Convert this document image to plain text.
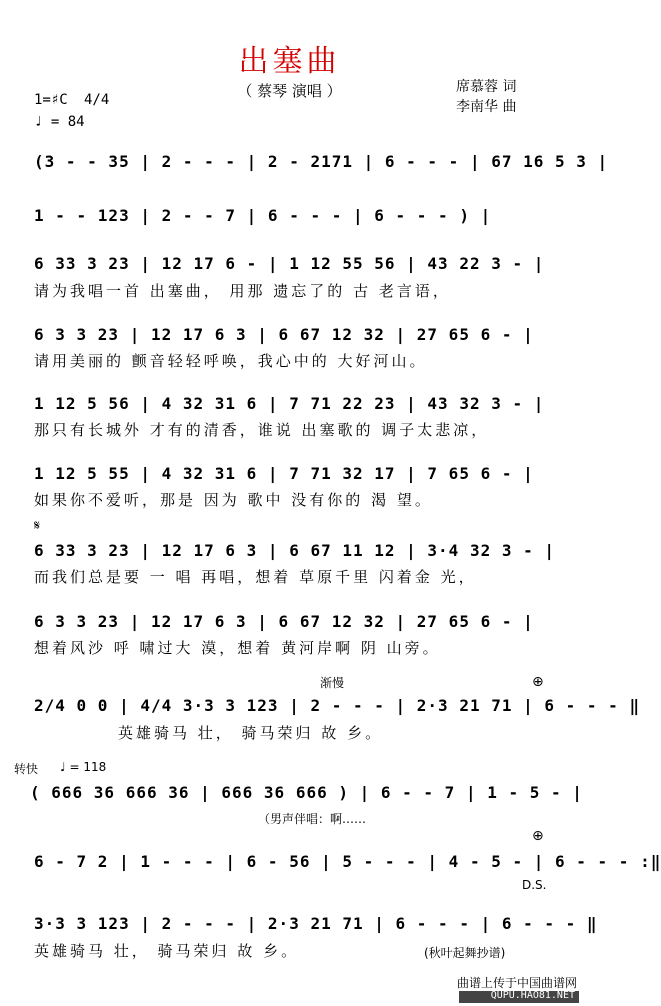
出塞曲
（ 蔡琴 演唱 ）	席慕蓉 词
李南华 曲
1=♯C 4/4
♩ = 84
(3 - - 35 | 2 - - - | 2 - 2171 | 6 - - - | 67 16 5 3 |
1 - - 123 | 2 - - 7 | 6 - - - | 6 - - - ) |
6 33 3 23 | 12 17 6 - | 1 12 55 56 | 43 22 3 - |
请为我唱一首 出塞曲， 用那 遗忘了的 古 老言语，
6 3 3 23 | 12 17 6 3 | 6 67 12 32 | 27 65 6 - |
请用美丽的 颤音轻轻呼唤，我心中的 大好河山。
1 12 5 56 | 4 32 31 6 | 7 71 22 23 | 43 32 3 - |
那只有长城外 才有的清香，谁说 出塞歌的 调子太悲凉，
1 12 5 55 | 4 32 31 6 | 7 71 32 17 | 7 65 6 - |
如果你不爱听，那是 因为 歌中 没有你的 渴 望。
𝄋
6 33 3 23 | 12 17 6 3 | 6 67 11 12 | 3·4 32 3 - |
而我们总是要 一 唱 再唱，想着 草原千里 闪着金 光，
6 3 3 23 | 12 17 6 3 | 6 67 12 32 | 27 65 6 - |
想着风沙 呼 啸过大 漠，想着 黄河岸啊 阴 山旁。
渐慢	⊕
2/4 0 0 | 4/4 3·3 3 123 | 2 - - - | 2·3 21 71 | 6 - - - ‖
英雄骑马 壮， 骑马荣归 故 乡。
转快 ♩ = 118
( 666 36 666 36 | 666 36 666 ) | 6 - - 7 | 1 - 5 - |
（男声伴唱：啊……
⊕
6 - 7 2 | 1 - - - | 6 - 56 | 5 - - - | 4 - 5 - | 6 - - - :‖
D.S.
3·3 3 123 | 2 - - - | 2·3 21 71 | 6 - - - | 6 - - - ‖
英雄骑马 壮， 骑马荣归 故 乡。	(秋叶起舞抄谱)
曲谱上传于中国曲谱网
QUPU.HAO81.NET
